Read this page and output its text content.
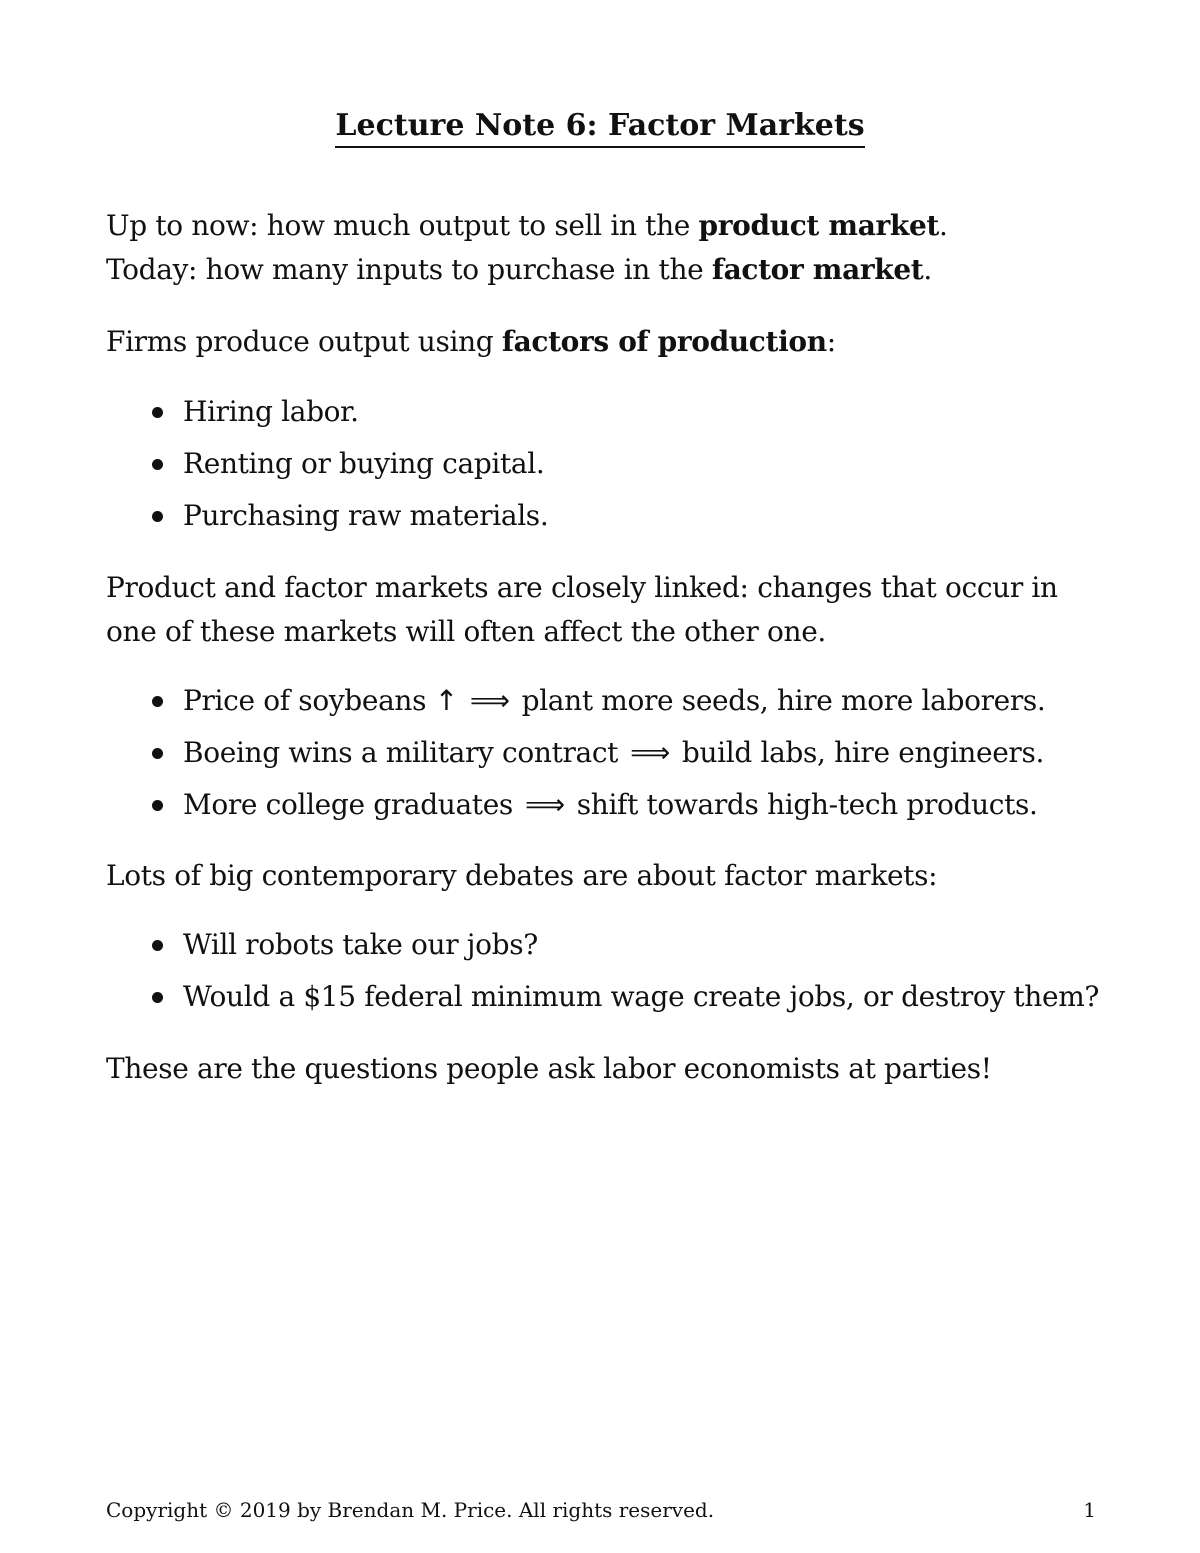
Lecture Note 6: Factor Markets

Up to now: how much output to sell in the product market.

Today: how many inputs to purchase in the factor market.

Firms produce output using factors of production:

Hiring labor.
Renting or buying capital.
Purchasing raw materials.

Product and factor markets are closely linked: changes that occur in one of these markets will often affect the other one.

Price of soybeans ↑ ⟹ plant more seeds, hire more laborers.
Boeing wins a military contract ⟹ build labs, hire engineers.
More college graduates ⟹ shift towards high-tech products.

Lots of big contemporary debates are about factor markets:

Will robots take our jobs?
Would a $15 federal minimum wage create jobs, or destroy them?

These are the questions people ask labor economists at parties!

Copyright © 2019 by Brendan M. Price. All rights reserved.	1
